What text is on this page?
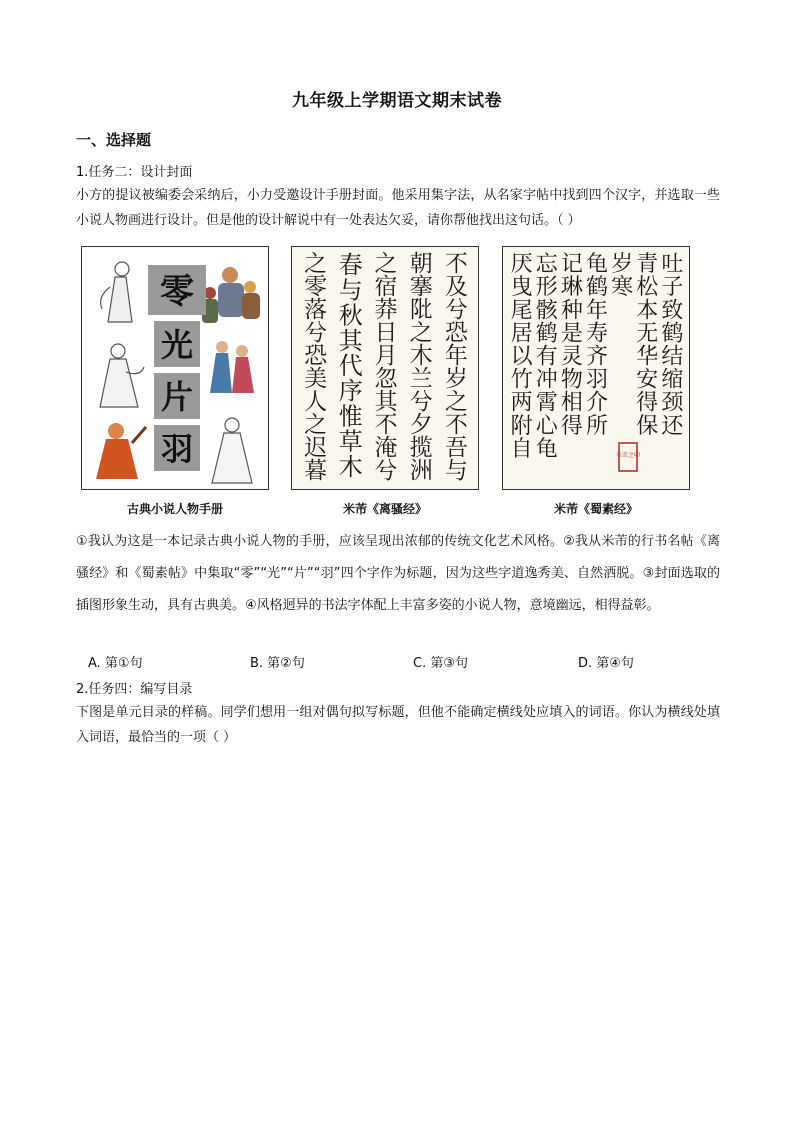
九年级上学期语文期末试卷
一、选择题
1.任务二：设计封面
小方的提议被编委会采纳后，小力受邀设计手册封面。他采用集字法，从名家字帖中找到四个汉字，并选取一些小说人物画进行设计。但是他的设计解说中有一处表达欠妥，请你帮他找出这句话。（ ）
零
光
片
羽
古典小说人物手册
不
及
兮
恐
年
岁
之
不
吾
与
朝
搴
阰
之
木
兰
兮
夕
揽
洲
之
宿
莽
日
月
忽
其
不
淹
兮
春
与
秋
其
代
序
惟
草
木
之
零
落
兮
恐
美
人
之
迟
暮
米芾《离骚经》
米芾之印
吐
子
致
鹤
结
缩
颈
还
青
松
本
无
华
安
得
保
岁
寒
龟
鹤
年
寿
齐
羽
介
所
记
琳
种
是
灵
物
相
得
忘
形
骸
鹤
有
冲
霄
心
龟
厌
曳
尾
居
以
竹
两
附
自
米芾《蜀素经》
①我认为这是一本记录古典小说人物的手册，应该呈现出浓郁的传统文化艺术风格。②我从米芾的行书名帖《离骚经》和《蜀素帖》中集取“零”“光”“片”“羽”四个字作为标题，因为这些字道逸秀美、自然洒脱。③封面选取的插图形象生动，具有古典美。④风格迥异的书法字体配上丰富多姿的小说人物，意境幽远，相得益彰。
A. 第①句	B. 第②句	C. 第③句	D. 第④句
2.任务四：编写目录
下图是单元目录的样稿。同学们想用一组对偶句拟写标题，但他不能确定横线处应填入的词语。你认为横线处填入词语，最恰当的一项（ ）
